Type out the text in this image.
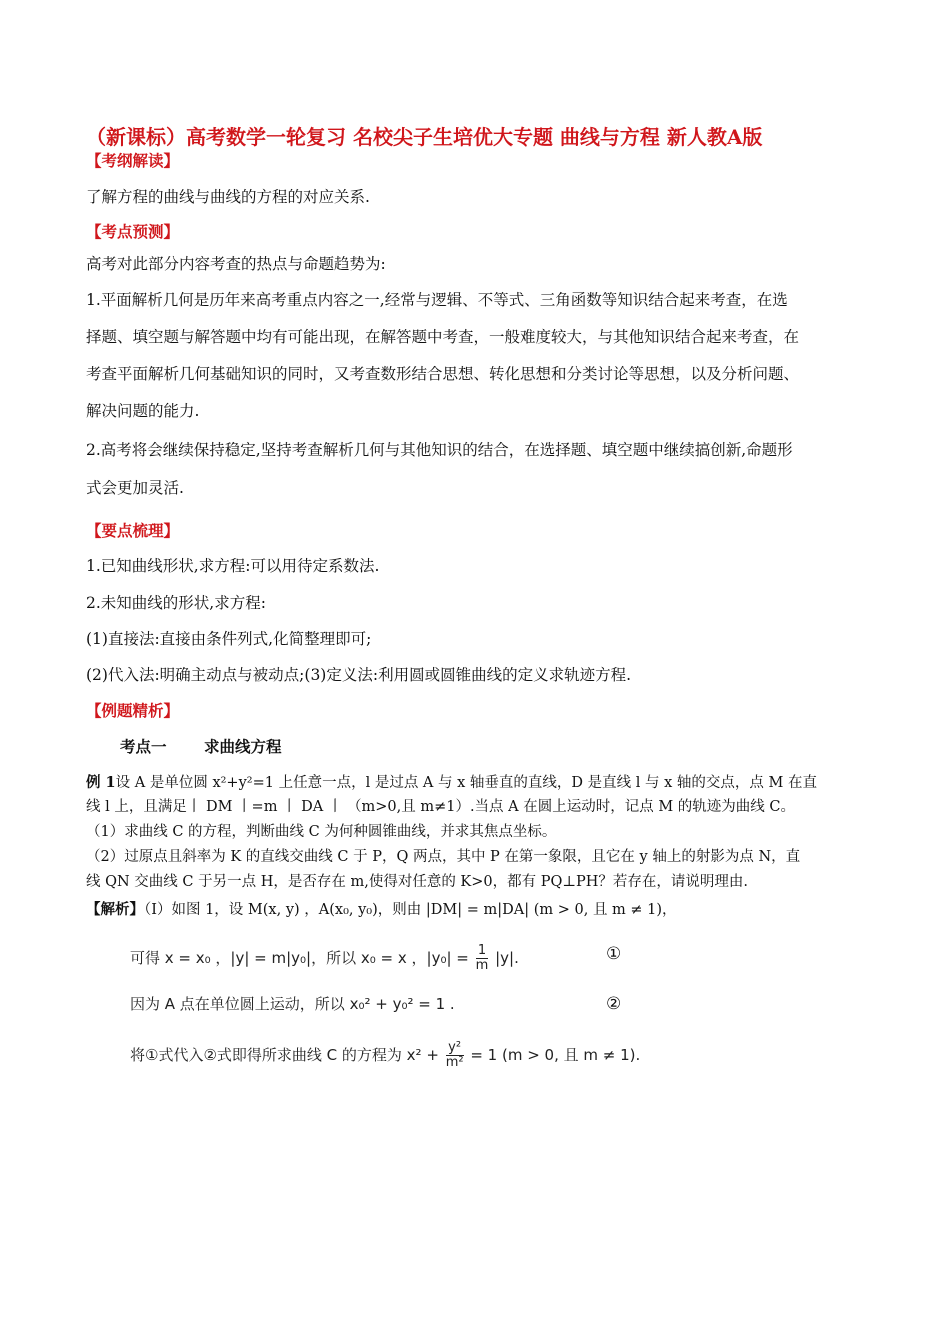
（新课标）高考数学一轮复习 名校尖子生培优大专题 曲线与方程 新人教A版
【考纲解读】
了解方程的曲线与曲线的方程的对应关系.
【考点预测】
高考对此部分内容考查的热点与命题趋势为:
1.平面解析几何是历年来高考重点内容之一,经常与逻辑、不等式、三角函数等知识结合起来考查，在选
择题、填空题与解答题中均有可能出现，在解答题中考查，一般难度较大，与其他知识结合起来考查，在
考查平面解析几何基础知识的同时，又考查数形结合思想、转化思想和分类讨论等思想，以及分析问题、
解决问题的能力.
2.高考将会继续保持稳定,坚持考查解析几何与其他知识的结合，在选择题、填空题中继续搞创新,命题形
式会更加灵活.
【要点梳理】
1.已知曲线形状,求方程:可以用待定系数法.
2.未知曲线的形状,求方程:
(1)直接法:直接由条件列式,化简整理即可;
(2)代入法:明确主动点与被动点;(3)定义法:利用圆或圆锥曲线的定义求轨迹方程.
【例题精析】
考点一	求曲线方程
例 1设 A 是单位圆 x²+y²=1 上任意一点，l 是过点 A 与 x 轴垂直的直线，D 是直线 l 与 x 轴的交点，点 M 在直
线 l 上，且满足丨 DM 丨=m 丨 DA 丨 （m>0,且 m≠1）.当点 A 在圆上运动时，记点 M 的轨迹为曲线 C。
（1）求曲线 C 的方程，判断曲线 C 为何种圆锥曲线，并求其焦点坐标。
（2）过原点且斜率为 K 的直线交曲线 C 于 P，Q 两点，其中 P 在第一象限，且它在 y 轴上的射影为点 N，直
线 QN 交曲线 C 于另一点 H，是否存在 m,使得对任意的 K>0，都有 PQ⊥PH？若存在，请说明理由.
【解析】（Ⅰ）如图 1，设 M(x, y) ，A(x₀, y₀)，则由 |DM| = m|DA| (m > 0, 且 m ≠ 1)，
可得 x = x₀ ，|y| = m|y₀|，所以 x₀ = x ，$|y_0| = \frac{1}{m} |y|$.	①
因为 A 点在单位圆上运动，所以 x₀² + y₀² = 1 .	②
将①式代入②式即得所求曲线 C 的方程为 $x^2 + \frac{\text{y²}}{\text{m²}} = 1$ (m > 0, 且 m ≠ 1).
